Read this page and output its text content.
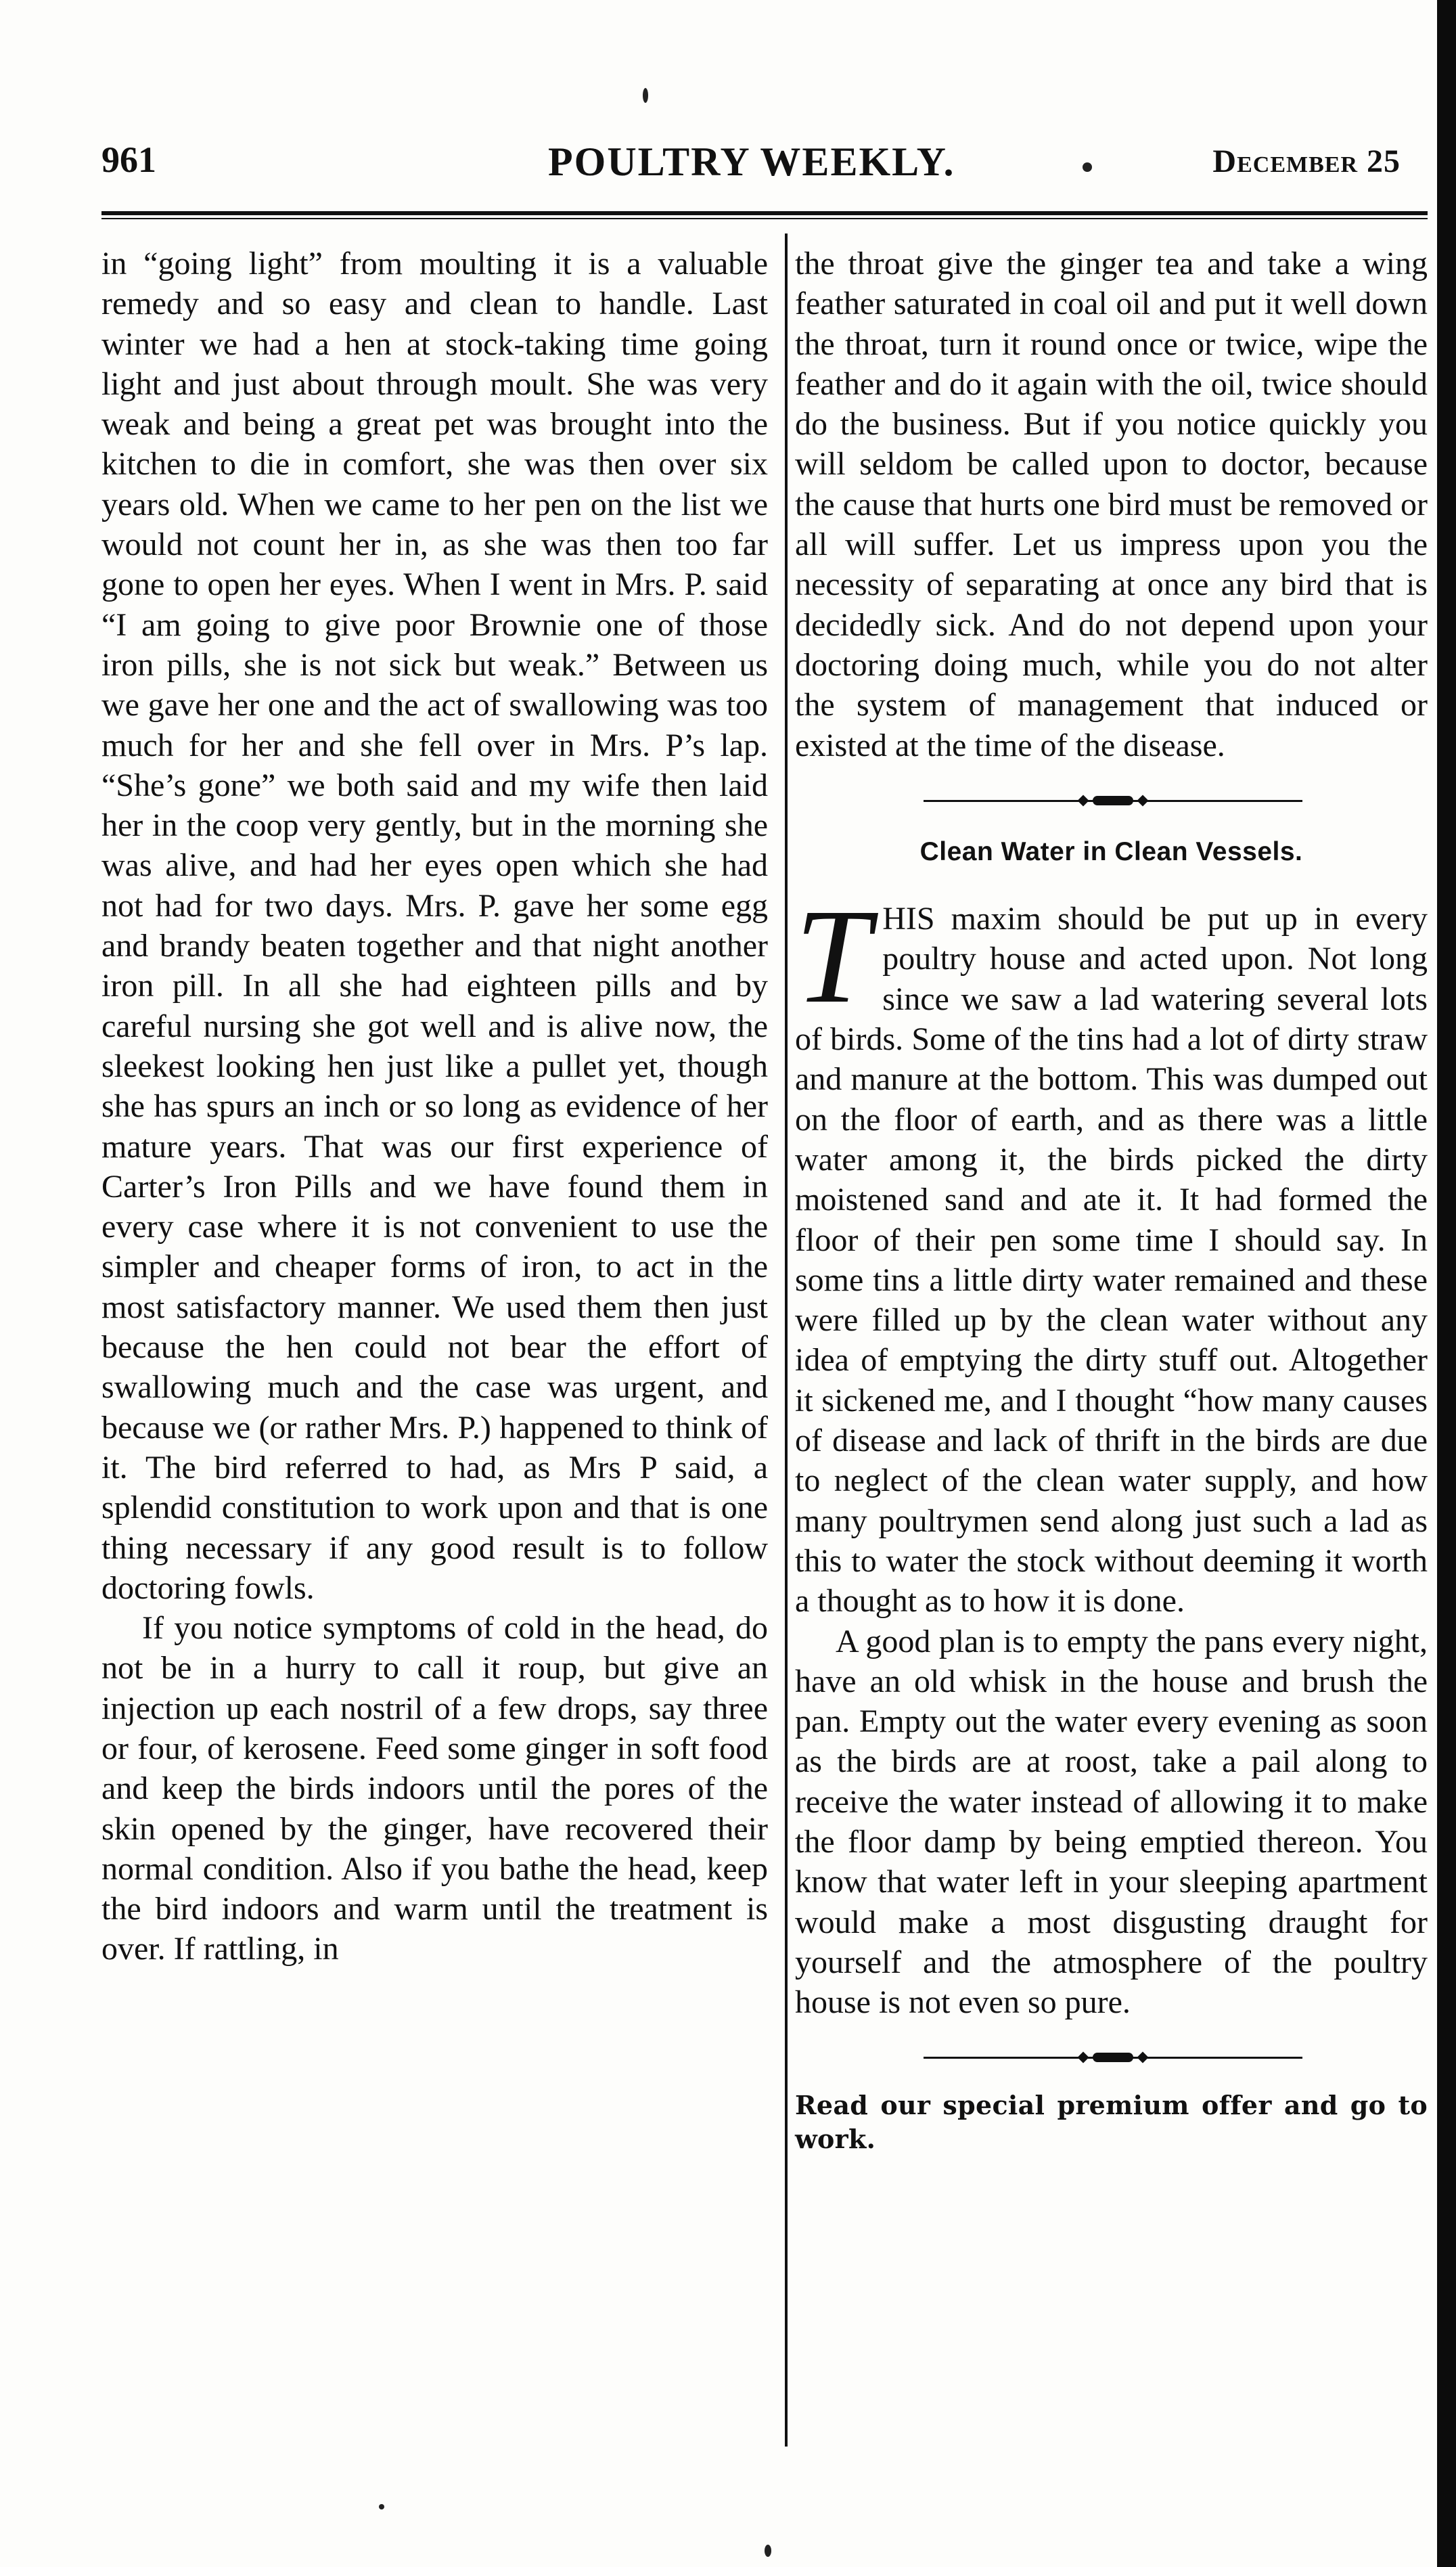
961	POULTRY WEEKLY.	December 25

in “going light” from moulting it is a valuable remedy and so easy and clean to handle. Last winter we had a hen at stock-taking time going light and just about through moult. She was very weak and being a great pet was brought into the kitchen to die in comfort, she was then over six years old. When we came to her pen on the list we would not count her in, as she was then too far gone to open her eyes. When I went in Mrs. P. said “I am going to give poor Brownie one of those iron pills, she is not sick but weak.” Between us we gave her one and the act of swallowing was too much for her and she fell over in Mrs. P’s lap. “She’s gone” we both said and my wife then laid her in the coop very gently, but in the morning she was alive, and had her eyes open which she had not had for two days. Mrs. P. gave her some egg and brandy beaten together and that night another iron pill. In all she had eighteen pills and by careful nursing she got well and is alive now, the sleekest looking hen just like a pullet yet, though she has spurs an inch or so long as evidence of her mature years. That was our first experience of Carter’s Iron Pills and we have found them in every case where it is not convenient to use the simpler and cheaper forms of iron, to act in the most satisfactory manner. We used them then just because the hen could not bear the effort of swallowing much and the case was urgent, and because we (or rather Mrs. P.) happened to think of it. The bird referred to had, as Mrs P said, a splendid constitution to work upon and that is one thing necessary if any good result is to follow doctoring fowls.

If you notice symptoms of cold in the head, do not be in a hurry to call it roup, but give an injection up each nostril of a few drops, say three or four, of kerosene. Feed some ginger in soft food and keep the birds indoors until the pores of the skin opened by the ginger, have recovered their normal condition. Also if you bathe the head, keep the bird indoors and warm until the treatment is over. If rattling, in

the throat give the ginger tea and take a wing feather saturated in coal oil and put it well down the throat, turn it round once or twice, wipe the feather and do it again with the oil, twice should do the business. But if you notice quickly you will seldom be called upon to doctor, because the cause that hurts one bird must be removed or all will suffer. Let us impress upon you the necessity of separating at once any bird that is decidedly sick. And do not depend upon your doctoring doing much, while you do not alter the system of management that induced or existed at the time of the disease.

Clean Water in Clean Vessels.

THIS maxim should be put up in every poultry house and acted upon. Not long since we saw a lad watering several lots of birds. Some of the tins had a lot of dirty straw and manure at the bottom. This was dumped out on the floor of earth, and as there was a little water among it, the birds picked the dirty moistened sand and ate it. It had formed the floor of their pen some time I should say. In some tins a little dirty water remained and these were filled up by the clean water without any idea of emptying the dirty stuff out. Altogether it sickened me, and I thought “how many causes of disease and lack of thrift in the birds are due to neglect of the clean water supply, and how many poultrymen send along just such a lad as this to water the stock without deeming it worth a thought as to how it is done.

A good plan is to empty the pans every night, have an old whisk in the house and brush the pan. Empty out the water every evening as soon as the birds are at roost, take a pail along to receive the water instead of allowing it to make the floor damp by being emptied thereon. You know that water left in your sleeping apartment would make a most disgusting draught for yourself and the atmosphere of the poultry house is not even so pure.

Read our special premium offer and go to work.
